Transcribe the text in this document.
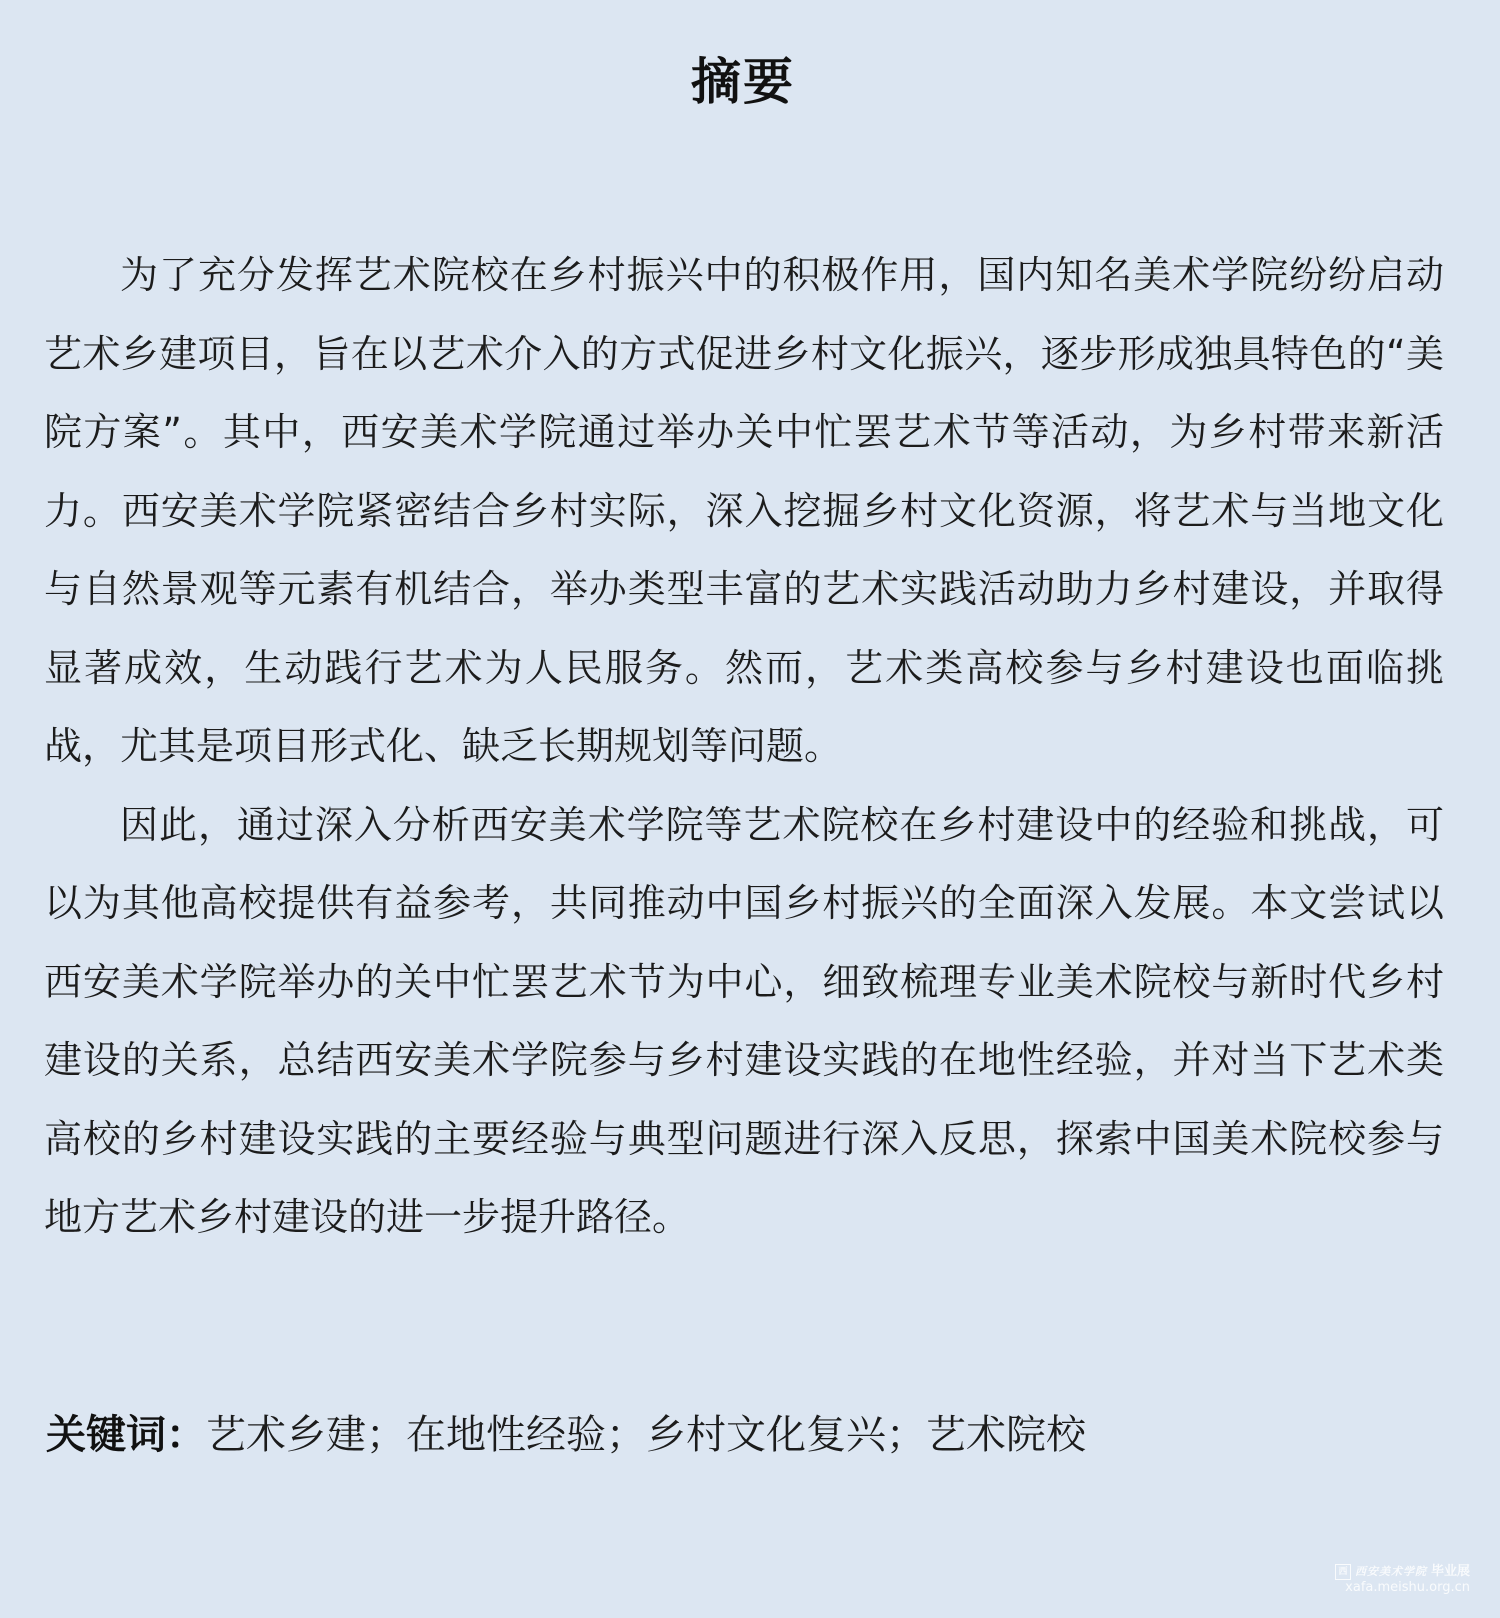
摘要

为了充分发挥艺术院校在乡村振兴中的积极作用，国内知名美术学院纷纷启动艺术乡建项目，旨在以艺术介入的方式促进乡村文化振兴，逐步形成独具特色的“美院方案”。其中，西安美术学院通过举办关中忙罢艺术节等活动，为乡村带来新活力。西安美术学院紧密结合乡村实际，深入挖掘乡村文化资源，将艺术与当地文化与自然景观等元素有机结合，举办类型丰富的艺术实践活动助力乡村建设，并取得显著成效，生动践行艺术为人民服务。然而，艺术类高校参与乡村建设也面临挑战，尤其是项目形式化、缺乏长期规划等问题。

因此，通过深入分析西安美术学院等艺术院校在乡村建设中的经验和挑战，可以为其他高校提供有益参考，共同推动中国乡村振兴的全面深入发展。本文尝试以西安美术学院举办的关中忙罢艺术节为中心，细致梳理专业美术院校与新时代乡村建设的关系，总结西安美术学院参与乡村建设实践的在地性经验，并对当下艺术类高校的乡村建设实践的主要经验与典型问题进行深入反思，探索中国美术院校参与地方艺术乡村建设的进一步提升路径。

关键词：艺术乡建；在地性经验；乡村文化复兴；艺术院校
西 西安美术学院 毕业展
xafa.meishu.org.cn
